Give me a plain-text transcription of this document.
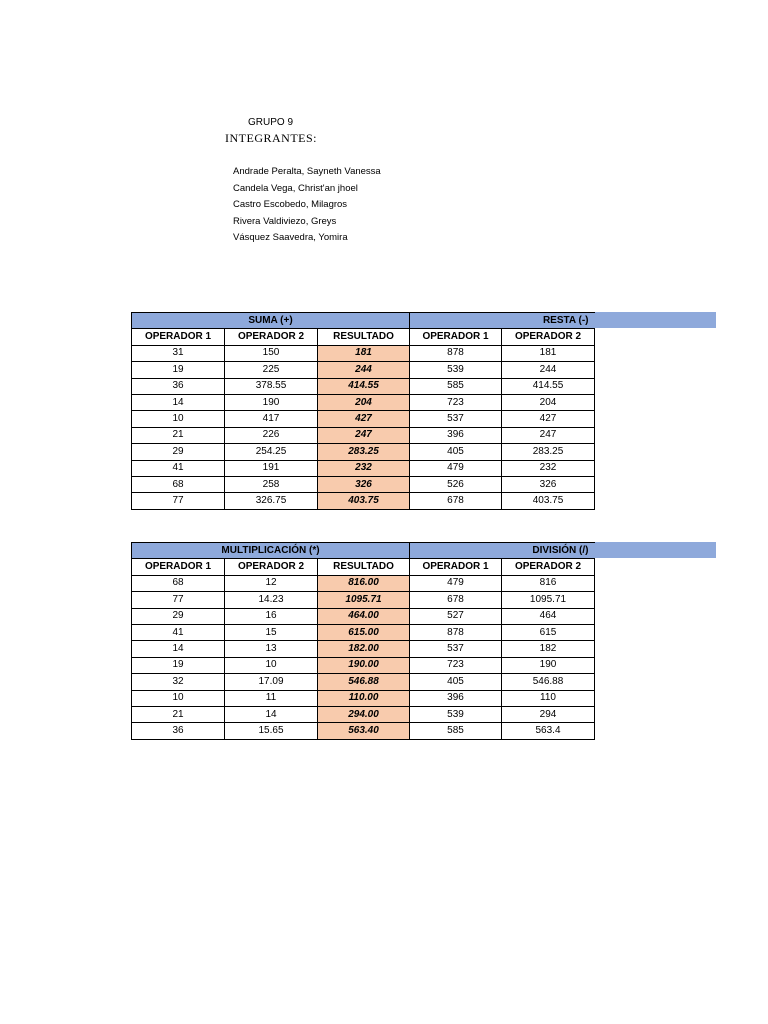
GRUPO 9
INTEGRANTES:
Andrade Peralta, Sayneth Vanessa
Candela Vega, Christ'an jhoel
Castro Escobedo, Milagros
Rivera Valdiviezo, Greys
Vásquez Saavedra, Yomira
SUMA (+)			RESTA (-)	
OPERADOR 1	OPERADOR 2	RESULTADO	OPERADOR 1	OPERADOR 2
31	150	181	878	181
19	225	244	539	244
36	378.55	414.55	585	414.55
14	190	204	723	204
10	417	427	537	427
21	226	247	396	247
29	254.25	283.25	405	283.25
41	191	232	479	232
68	258	326	526	326
77	326.75	403.75	678	403.75
MULTIPLICACIÓN (*)			DIVISIÓN (/)	
OPERADOR 1	OPERADOR 2	RESULTADO	OPERADOR 1	OPERADOR 2
68	12	816.00	479	816
77	14.23	1095.71	678	1095.71
29	16	464.00	527	464
41	15	615.00	878	615
14	13	182.00	537	182
19	10	190.00	723	190
32	17.09	546.88	405	546.88
10	11	110.00	396	110
21	14	294.00	539	294
36	15.65	563.40	585	563.4
